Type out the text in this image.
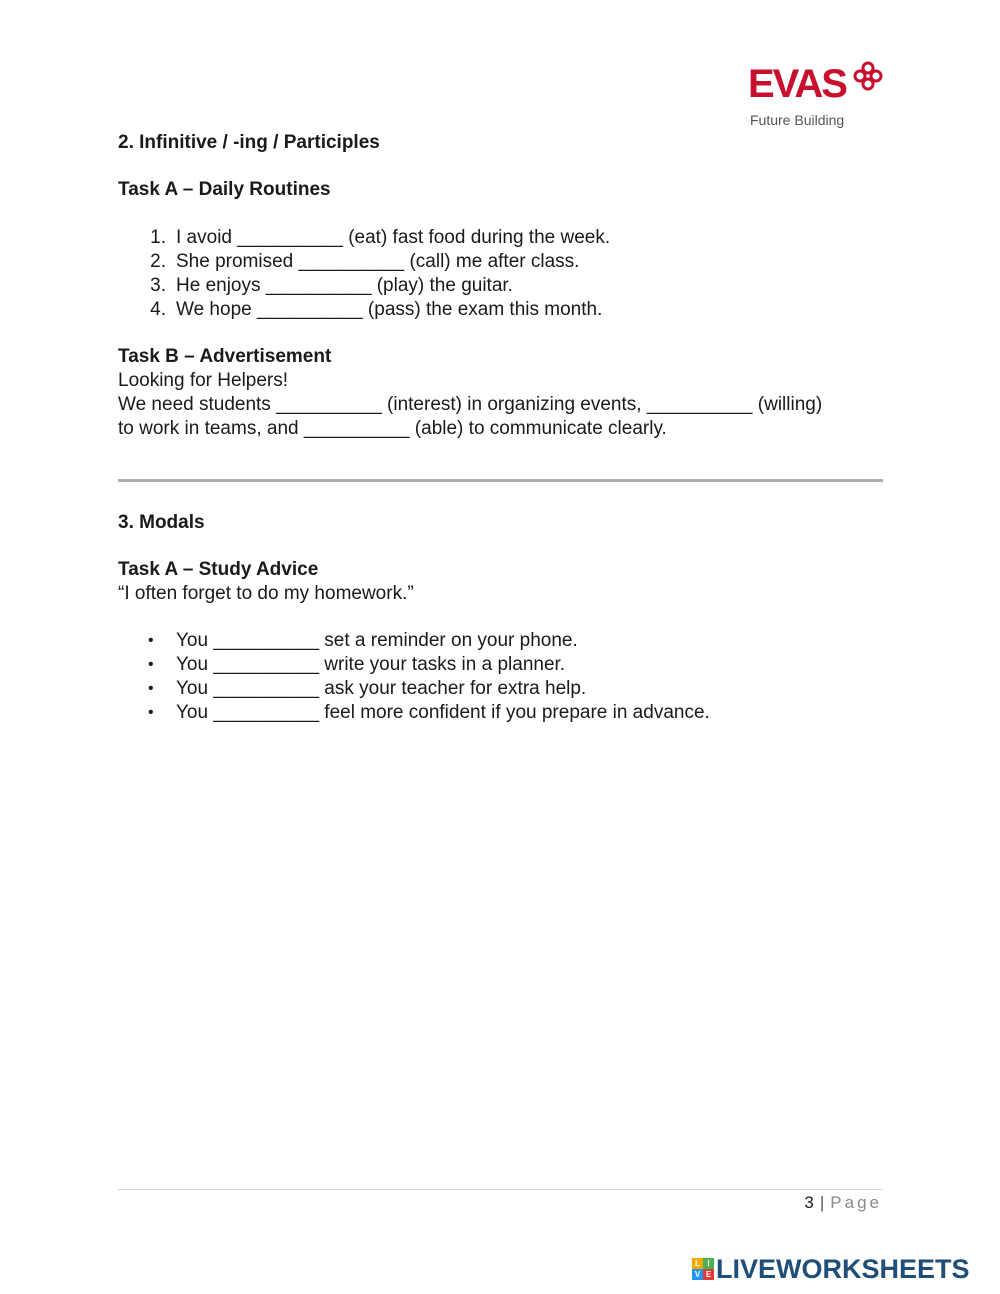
EVAS
Future Building
2. Infinitive / -ing / Participles
Task A – Daily Routines
1. I avoid __________ (eat) fast food during the week.
2. She promised __________ (call) me after class.
3. He enjoys __________ (play) the guitar.
4. We hope __________ (pass) the exam this month.
Task B – Advertisement
Looking for Helpers!
We need students __________ (interest) in organizing events, __________ (willing)
to work in teams, and __________ (able) to communicate clearly.
3. Modals
Task A – Study Advice
“I often forget to do my homework.”
• You __________ set a reminder on your phone.
• You __________ write your tasks in a planner.
• You __________ ask your teacher for extra help.
• You __________ feel more confident if you prepare in advance.
3 | Page
L I
V E LIVEWORKSHEETS
